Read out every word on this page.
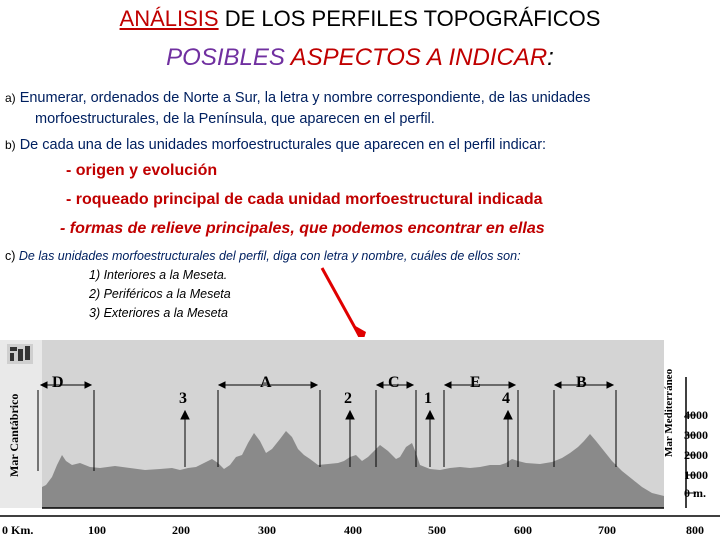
ANÁLISIS DE LOS PERFILES TOPOGRÁFICOS
POSIBLES ASPECTOS A INDICAR:
a) Enumerar, ordenados de Norte a Sur, la letra y nombre correspondiente, de las unidades
morfoestructurales, de la Península, que aparecen en el perfil.
b) De cada una de las unidades morfoestructurales que aparecen en el perfil indicar:
- origen y evolución
- roqueado principal de cada unidad morfoestructural indicada
- formas de relieve principales, que podemos encontrar en ellas
c) De las unidades morfoestructurales del perfil, diga con letra y nombre, cuáles de ellos son:
1) Interiores a la Meseta.
2) Periféricos a la Meseta
3) Exteriores a la Meseta
Mar Cantábrico	Mar Mediterráneo
D	A	C	E	B
3	2	1	4
4000
3000
2000
1000
0 m.
0 Km.	100	200	300	400	500	600	700	800
